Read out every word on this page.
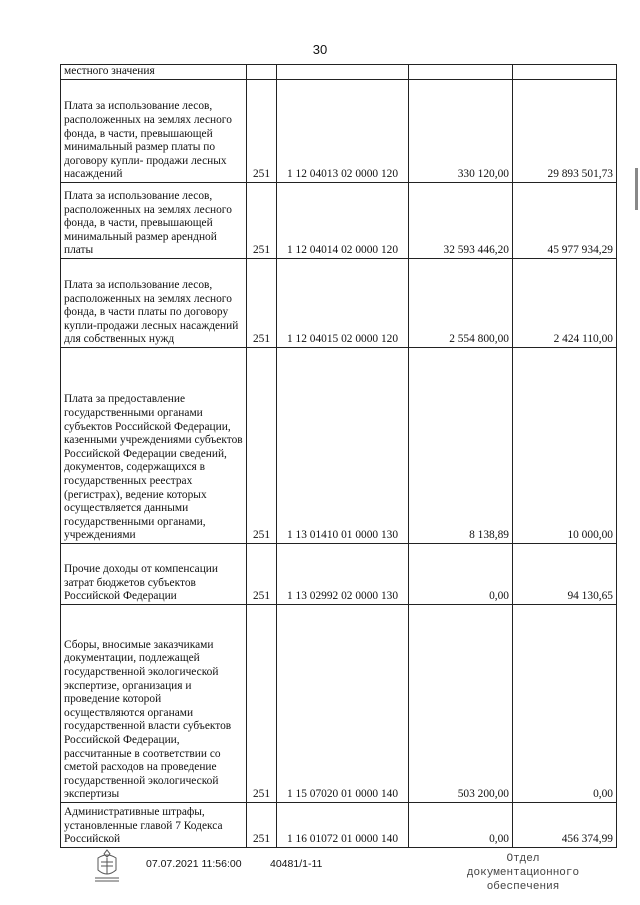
30
местного значения				
Плата за использование лесов, расположенных на землях лесного фонда, в части, превышающей минимальный размер платы по договору купли- продажи лесных насаждений	251	1 12 04013 02 0000 120	330 120,00	29 893 501,73
Плата за использование лесов, расположенных на землях лесного фонда, в части, превышающей минимальный размер арендной платы	251	1 12 04014 02 0000 120	32 593 446,20	45 977 934,29
Плата за использование лесов, расположенных на землях лесного фонда, в части платы по договору купли-продажи лесных насаждений для собственных нужд	251	1 12 04015 02 0000 120	2 554 800,00	2 424 110,00
Плата за предоставление государственными органами субъектов Российской Федерации, казенными учреждениями субъектов Российской Федерации сведений, документов, содержащихся в государственных реестрах (регистрах), ведение которых осуществляется данными государственными органами, учреждениями	251	1 13 01410 01 0000 130	8 138,89	10 000,00
Прочие доходы от компенсации затрат бюджетов субъектов Российской Федерации	251	1 13 02992 02 0000 130	0,00	94 130,65
Сборы, вносимые заказчиками документации, подлежащей государственной экологической экспертизе, организация и проведение которой осуществляются органами государственной власти субъектов Российской Федерации, рассчитанные в соответствии со сметой расходов на проведение государственной экологической экспертизы	251	1 15 07020 01 0000 140	503 200,00	0,00
Административные штрафы, установленные главой 7 Кодекса Российской	251	1 16 01072 01 0000 140	0,00	456 374,99
07.07.2021 11:56:00	40481/1-11	Отдел документационного
обеспечения
